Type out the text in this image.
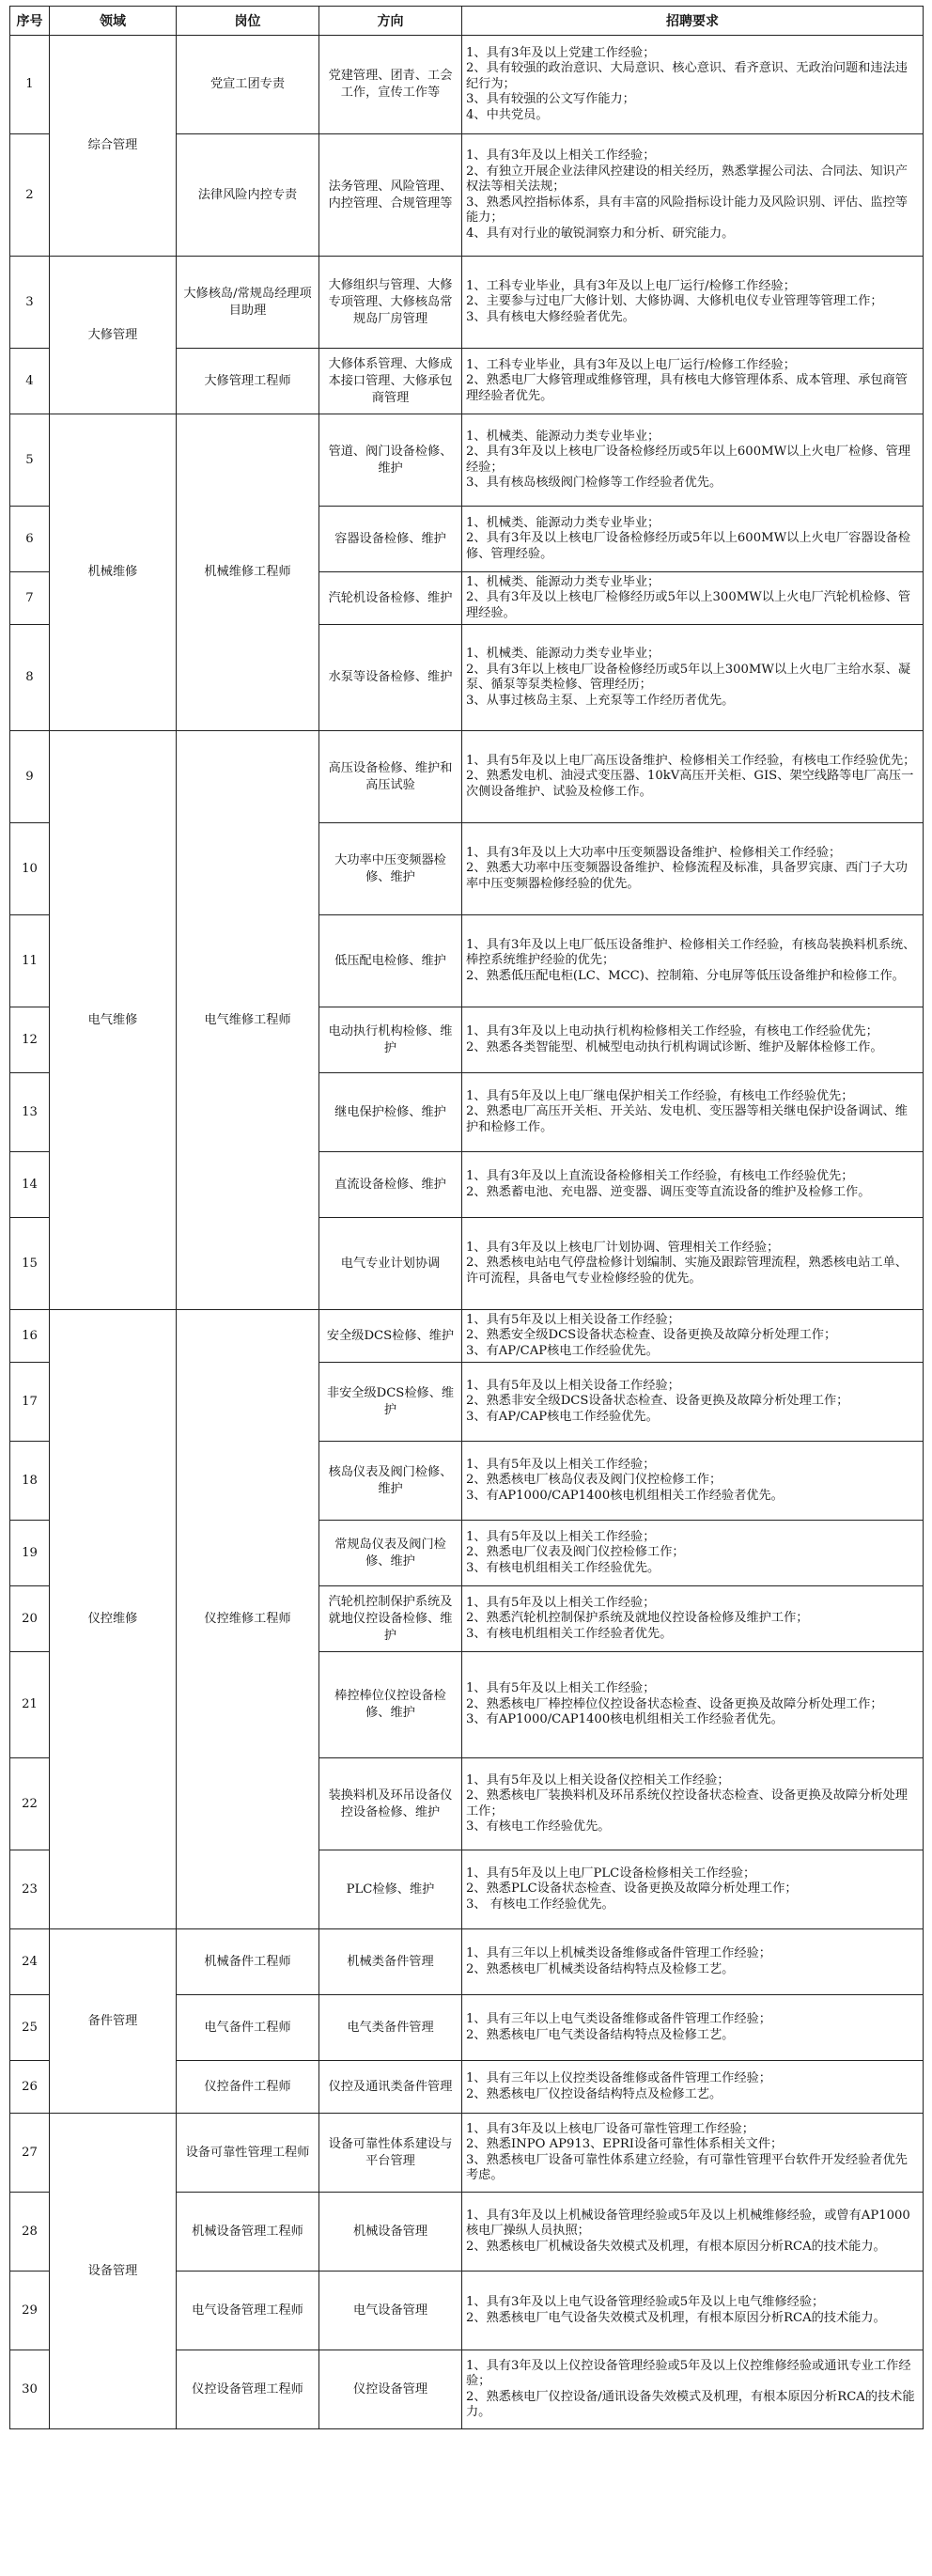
序号	领域	岗位	方向	招聘要求
1	综合管理	党宣工团专责	党建管理、团青、工会工作，宣传工作等	1、具有3年及以上党建工作经验；
2、具有较强的政治意识、大局意识、核心意识、看齐意识、无政治问题和违法违纪行为；
3、具有较强的公文写作能力；
4、中共党员。

2		法律风险内控专责	法务管理、风险管理、内控管理、合规管理等	1、具有3年及以上相关工作经验；
2、有独立开展企业法律风控建设的相关经历，熟悉掌握公司法、合同法、知识产权法等相关法规；
3、熟悉风控指标体系，具有丰富的风险指标设计能力及风险识别、评估、监控等能力；
4、具有对行业的敏锐洞察力和分析、研究能力。

3	大修管理	大修核岛/常规岛经理项目助理	大修组织与管理、大修专项管理、大修核岛常规岛厂房管理	1、工科专业毕业，具有3年及以上电厂运行/检修工作经验；
2、主要参与过电厂大修计划、大修协调、大修机电仪专业管理等管理工作；
3、具有核电大修经验者优先。

4		大修管理工程师	大修体系管理、大修成本接口管理、大修承包商管理	1、工科专业毕业，具有3年及以上电厂运行/检修工作经验；
2、熟悉电厂大修管理或维修管理，具有核电大修管理体系、成本管理、承包商管理经验者优先。

5	机械维修	机械维修工程师	管道、阀门设备检修、维护	1、机械类、能源动力类专业毕业；
2、具有3年及以上核电厂设备检修经历或5年以上600MW以上火电厂检修、管理经验；
3、具有核岛核级阀门检修等工作经验者优先。

6			容器设备检修、维护	1、机械类、能源动力类专业毕业；
2、具有3年及以上核电厂设备检修经历或5年以上600MW以上火电厂容器设备检修、管理经验。

7			汽轮机设备检修、维护	1、机械类、能源动力类专业毕业；
2、具有3年及以上核电厂检修经历或5年以上300MW以上火电厂汽轮机检修、管理经验。

8			水泵等设备检修、维护	1、机械类、能源动力类专业毕业；
2、具有3年以上核电厂设备检修经历或5年以上300MW以上火电厂主给水泵、凝泵、循泵等泵类检修、管理经历；
3、从事过核岛主泵、上充泵等工作经历者优先。

9	电气维修	电气维修工程师	高压设备检修、维护和高压试验	1、具有5年及以上电厂高压设备维护、检修相关工作经验，有核电工作经验优先；
2、熟悉发电机、油浸式变压器、10kV高压开关柜、GIS、架空线路等电厂高压一次侧设备维护、试验及检修工作。

10			大功率中压变频器检修、维护	1、具有3年及以上大功率中压变频器设备维护、检修相关工作经验；
2、熟悉大功率中压变频器设备维护、检修流程及标准，具备罗宾康、西门子大功率中压变频器检修经验的优先。

11			低压配电检修、维护	1、具有3年及以上电厂低压设备维护、检修相关工作经验，有核岛装换料机系统、棒控系统维护经验的优先；
2、熟悉低压配电柜(LC、MCC)、控制箱、分电屏等低压设备维护和检修工作。

12			电动执行机构检修、维护	1、具有3年及以上电动执行机构检修相关工作经验，有核电工作经验优先；
2、熟悉各类智能型、机械型电动执行机构调试诊断、维护及解体检修工作。

13			继电保护检修、维护	1、具有5年及以上电厂继电保护相关工作经验，有核电工作经验优先；
2、熟悉电厂高压开关柜、开关站、发电机、变压器等相关继电保护设备调试、维护和检修工作。

14			直流设备检修、维护	1、具有3年及以上直流设备检修相关工作经验，有核电工作经验优先；
2、熟悉蓄电池、充电器、逆变器、调压变等直流设备的维护及检修工作。

15			电气专业计划协调	1、具有3年及以上核电厂计划协调、管理相关工作经验；
2、熟悉核电站电气停盘检修计划编制、实施及跟踪管理流程，熟悉核电站工单、许可流程，具备电气专业检修经验的优先。

16	仪控维修	仪控维修工程师	安全级DCS检修、维护	1、具有5年及以上相关设备工作经验；
2、熟悉安全级DCS设备状态检查、设备更换及故障分析处理工作；
3、有AP/CAP核电工作经验优先。

17			非安全级DCS检修、维护	1、具有5年及以上相关设备工作经验；
2、熟悉非安全级DCS设备状态检查、设备更换及故障分析处理工作；
3、有AP/CAP核电工作经验优先。

18			核岛仪表及阀门检修、维护	1、具有5年及以上相关工作经验；
2、熟悉核电厂核岛仪表及阀门仪控检修工作；
3、有AP1000/CAP1400核电机组相关工作经验者优先。

19			常规岛仪表及阀门检修、维护	1、具有5年及以上相关工作经验；
2、熟悉电厂仪表及阀门仪控检修工作；
3、有核电机组相关工作经验优先。

20			汽轮机控制保护系统及就地仪控设备检修、维护	1、具有5年及以上相关工作经验；
2、熟悉汽轮机控制保护系统及就地仪控设备检修及维护工作；
3、有核电机组相关工作经验者优先。

21			棒控棒位仪控设备检修、维护	1、具有5年及以上相关工作经验；
2、熟悉核电厂棒控棒位仪控设备状态检查、设备更换及故障分析处理工作；
3、有AP1000/CAP1400核电机组相关工作经验者优先。

22			装换料机及环吊设备仪控设备检修、维护	1、具有5年及以上相关设备仪控相关工作经验；
2、熟悉核电厂装换料机及环吊系统仪控设备状态检查、设备更换及故障分析处理工作；
3、有核电工作经验优先。

23			PLC检修、维护	1、具有5年及以上电厂PLC设备检修相关工作经验；
2、熟悉PLC设备状态检查、设备更换及故障分析处理工作；
3、 有核电工作经验优先。

24	备件管理	机械备件工程师	机械类备件管理	1、具有三年以上机械类设备维修或备件管理工作经验；
2、熟悉核电厂机械类设备结构特点及检修工艺。

25		电气备件工程师	电气类备件管理	1、具有三年以上电气类设备维修或备件管理工作经验；
2、熟悉核电厂电气类设备结构特点及检修工艺。

26		仪控备件工程师	仪控及通讯类备件管理	1、具有三年以上仪控类设备维修或备件管理工作经验；
2、熟悉核电厂仪控设备结构特点及检修工艺。

27	设备管理	设备可靠性管理工程师	设备可靠性体系建设与平台管理	1、具有3年及以上核电厂设备可靠性管理工作经验；
2、熟悉INPO AP913、EPRI设备可靠性体系相关文件；
3、熟悉核电厂设备可靠性体系建立经验，有可靠性管理平台软件开发经验者优先考虑。

28		机械设备管理工程师	机械设备管理	1、具有3年及以上机械设备管理经验或5年及以上机械维修经验，或曾有AP1000核电厂操纵人员执照；
2、熟悉核电厂机械设备失效模式及机理，有根本原因分析RCA的技术能力。

29		电气设备管理工程师	电气设备管理	1、具有3年及以上电气设备管理经验或5年及以上电气维修经验；
2、熟悉核电厂电气设备失效模式及机理，有根本原因分析RCA的技术能力。

30		仪控设备管理工程师	仪控设备管理	1、具有3年及以上仪控设备管理经验或5年及以上仪控维修经验或通讯专业工作经验；
2、熟悉核电厂仪控设备/通讯设备失效模式及机理，有根本原因分析RCA的技术能力。
